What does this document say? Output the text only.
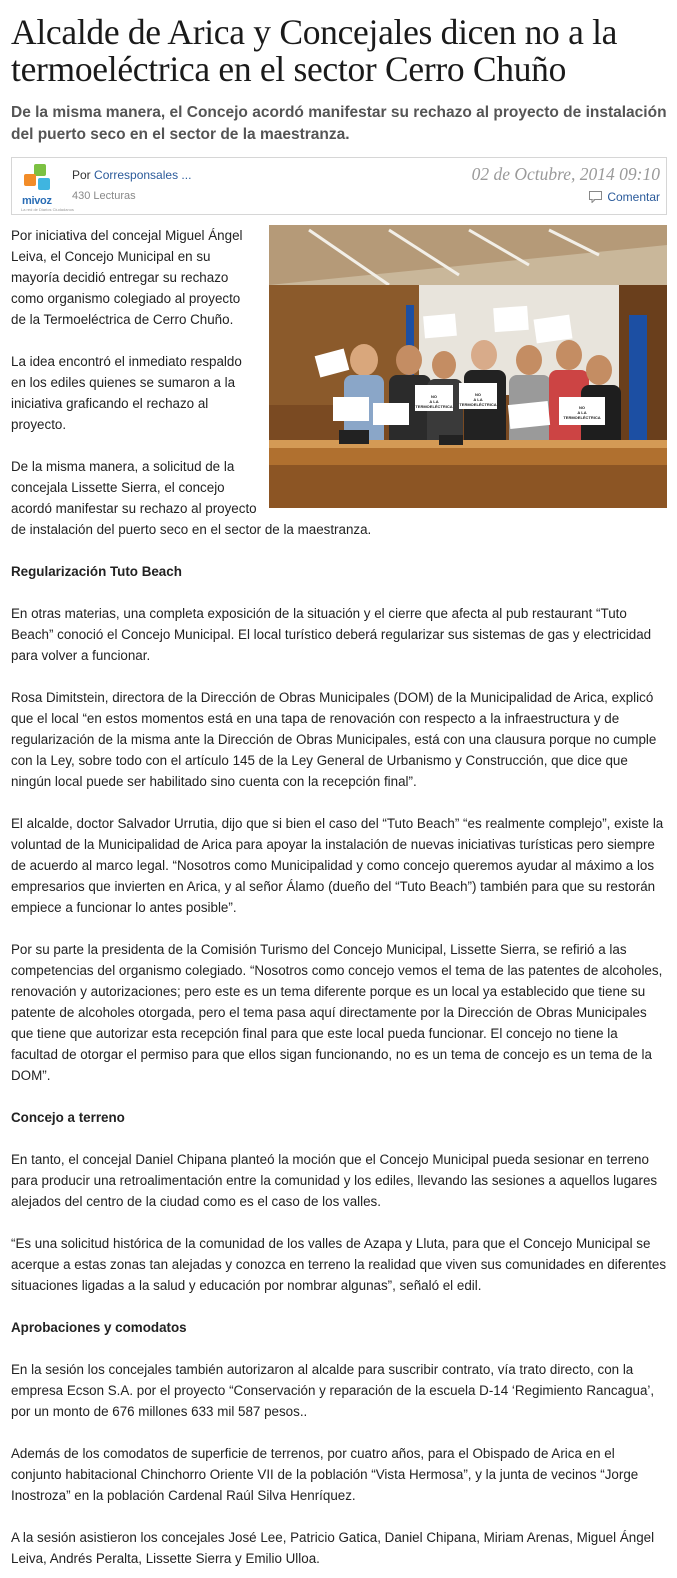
Alcalde de Arica y Concejales dicen no a la termoeléctrica en el sector Cerro Chuño
De la misma manera, el Concejo acordó manifestar su rechazo al proyecto de instalación del puerto seco en el sector de la maestranza.
mivoz
La red de Diarios Ciudadanos
Por Corresponsales ...
430 Lecturas
02 de Octubre, 2014 09:10
Comentar
NO
A LA
TERMOELÉCTRICA
NO
A LA
TERMOELÉCTRICA
NO
A LA
TERMOELÉCTRICA

Por iniciativa del concejal Miguel Ángel Leiva, el Concejo Municipal en su mayoría decidió entregar su rechazo como organismo colegiado al proyecto de la Termoeléctrica de Cerro Chuño.

La idea encontró el inmediato respaldo en los ediles quienes se sumaron a la iniciativa graficando el rechazo al proyecto.

De la misma manera, a solicitud de la concejala Lissette Sierra, el concejo acordó manifestar su rechazo al proyecto de instalación del puerto seco en el sector de la maestranza.

Regularización Tuto Beach

En otras materias, una completa exposición de la situación y el cierre que afecta al pub restaurant “Tuto Beach” conoció el Concejo Municipal. El local turístico deberá regularizar sus sistemas de gas y electricidad para volver a funcionar.

Rosa Dimitstein, directora de la Dirección de Obras Municipales (DOM) de la Municipalidad de Arica, explicó que el local “en estos momentos está en una tapa de renovación con respecto a la infraestructura y de regularización de la misma ante la Dirección de Obras Municipales, está con una clausura porque no cumple con la Ley, sobre todo con el artículo 145 de la Ley General de Urbanismo y Construcción, que dice que ningún local puede ser habilitado sino cuenta con la recepción final”.

El alcalde, doctor Salvador Urrutia, dijo que si bien el caso del “Tuto Beach” “es realmente complejo”, existe la voluntad de la Municipalidad de Arica para apoyar la instalación de nuevas iniciativas turísticas pero siempre de acuerdo al marco legal. “Nosotros como Municipalidad y como concejo queremos ayudar al máximo a los empresarios que invierten en Arica, y al señor Álamo (dueño del “Tuto Beach”) también para que su restorán empiece a funcionar lo antes posible”.

Por su parte la presidenta de la Comisión Turismo del Concejo Municipal, Lissette Sierra, se refirió a las competencias del organismo colegiado. “Nosotros como concejo vemos el tema de las patentes de alcoholes, renovación y autorizaciones; pero este es un tema diferente porque es un local ya establecido que tiene su patente de alcoholes otorgada, pero el tema pasa aquí directamente por la Dirección de Obras Municipales que tiene que autorizar esta recepción final para que este local pueda funcionar. El concejo no tiene la facultad de otorgar el permiso para que ellos sigan funcionando, no es un tema de concejo es un tema de la DOM”.

Concejo a terreno

En tanto, el concejal Daniel Chipana planteó la moción que el Concejo Municipal pueda sesionar en terreno para producir una retroalimentación entre la comunidad y los ediles, llevando las sesiones a aquellos lugares alejados del centro de la ciudad como es el caso de los valles.

“Es una solicitud histórica de la comunidad de los valles de Azapa y Lluta, para que el Concejo Municipal se acerque a estas zonas tan alejadas y conozca en terreno la realidad que viven sus comunidades en diferentes situaciones ligadas a la salud y educación por nombrar algunas”, señaló el edil.

Aprobaciones y comodatos

En la sesión los concejales también autorizaron al alcalde para suscribir contrato, vía trato directo, con la empresa Ecson S.A. por el proyecto “Conservación y reparación de la escuela D-14 ‘Regimiento Rancagua’, por un monto de 676 millones 633 mil 587 pesos..

Además de los comodatos de superficie de terrenos, por cuatro años, para el Obispado de Arica en el conjunto habitacional Chinchorro Oriente VII de la población “Vista Hermosa”, y la junta de vecinos “Jorge Inostroza” en la población Cardenal Raúl Silva Henríquez.

A la sesión asistieron los concejales José Lee, Patricio Gatica, Daniel Chipana, Miriam Arenas, Miguel Ángel Leiva, Andrés Peralta, Lissette Sierra y Emilio Ulloa.
